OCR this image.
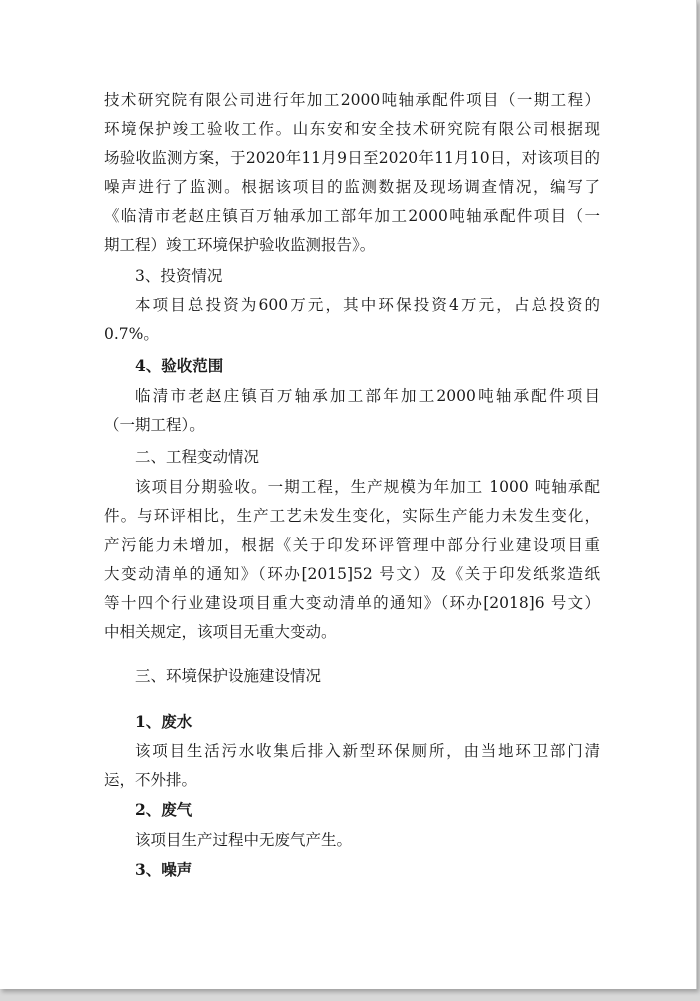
技术研究院有限公司进行年加工2000吨轴承配件项目（一期工程）
环境保护竣工验收工作。山东安和安全技术研究院有限公司根据现
场验收监测方案，于2020年11月9日至2020年11月10日，对该项目的
噪声进行了监测。根据该项目的监测数据及现场调查情况，编写了
《临清市老赵庄镇百万轴承加工部年加工2000吨轴承配件项目（一
期工程）竣工环境保护验收监测报告》。
3、投资情况
本项目总投资为600万元，其中环保投资4万元，占总投资的
0.7%。
4、验收范围
临清市老赵庄镇百万轴承加工部年加工2000吨轴承配件项目
（一期工程）。
二、工程变动情况
该项目分期验收。一期工程，生产规模为年加工 1000 吨轴承配
件。与环评相比，生产工艺未发生变化，实际生产能力未发生变化，
产污能力未增加，根据《关于印发环评管理中部分行业建设项目重
大变动清单的通知》（环办[2015]52 号文）及《关于印发纸浆造纸
等十四个行业建设项目重大变动清单的通知》（环办[2018]6 号文）
中相关规定，该项目无重大变动。
三、环境保护设施建设情况
1、废水
该项目生活污水收集后排入新型环保厕所，由当地环卫部门清
运，不外排。
2、废气
该项目生产过程中无废气产生。
3、噪声
